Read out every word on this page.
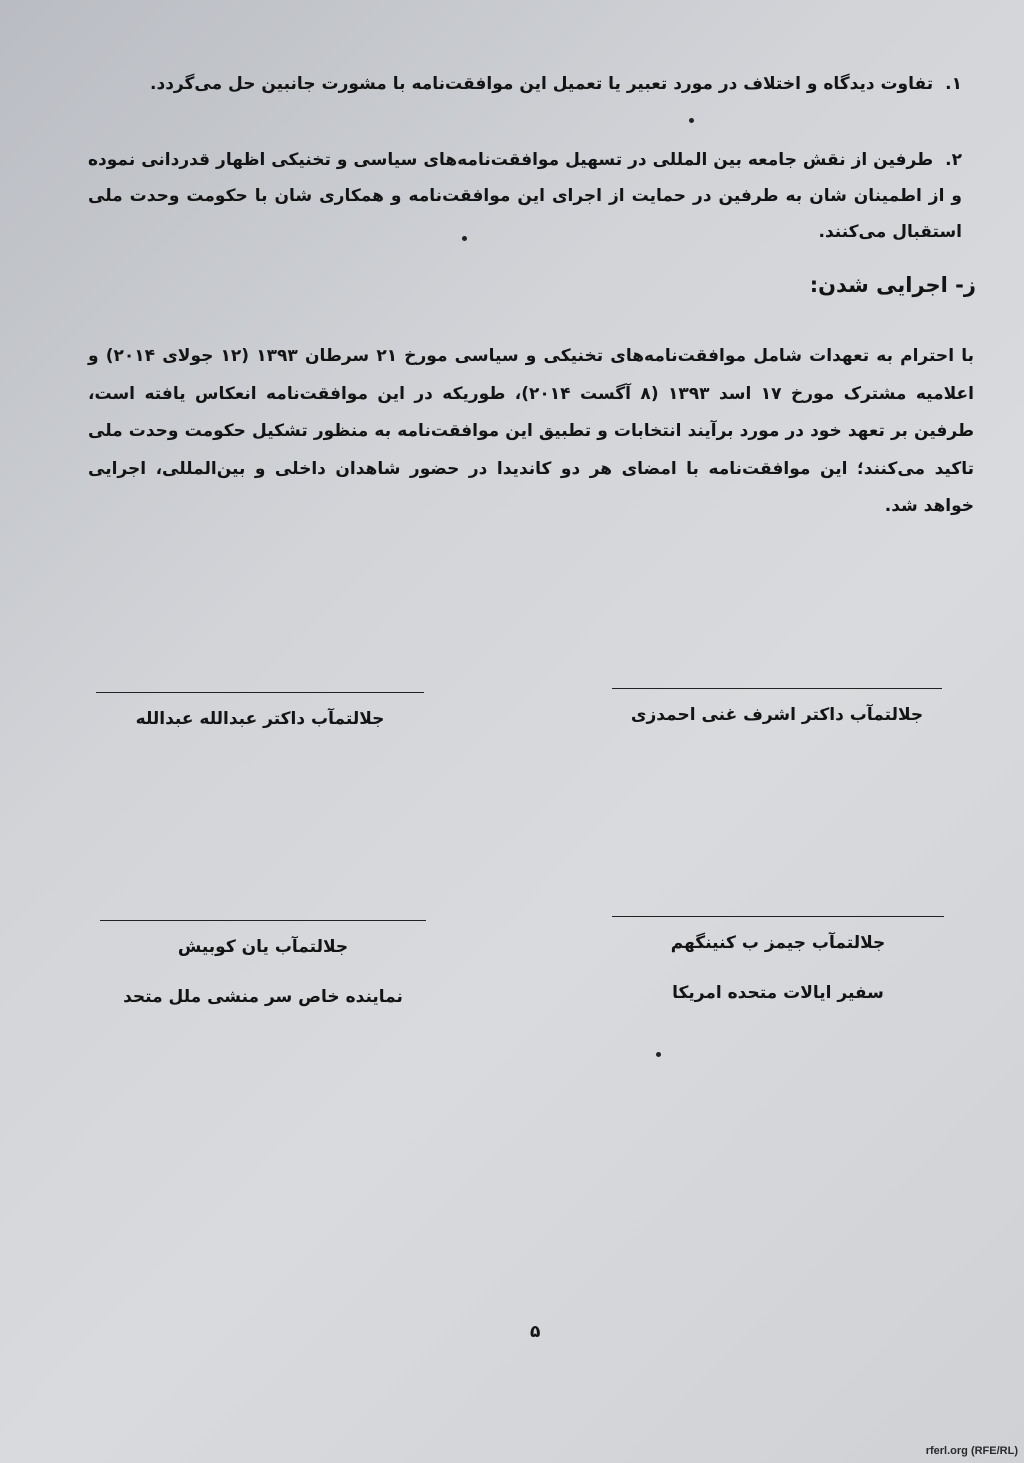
۱.تفاوت دیدگاه و اختلاف در مورد تعبیر یا تعمیل این موافقت‌نامه با مشورت جانبین حل می‌گردد.
۲.طرفین از نقش جامعه بین المللی در تسهیل موافقت‌نامه‌های سیاسی و تخنیکی اظهار قدردانی نموده و از اطمینان شان به طرفین در حمایت از اجرای این موافقت‌نامه و همکاری شان با حکومت وحدت ملی استقبال می‌کنند.
ز- اجرایی شدن:
با احترام به تعهدات شامل موافقت‌نامه‌های تخنیکی و سیاسی مورخ ۲۱ سرطان ۱۳۹۳ (۱۲ جولای ۲۰۱۴) و اعلامیه مشترک مورخ ۱۷ اسد ۱۳۹۳ (۸ آگست ۲۰۱۴)، طوریکه در این موافقت‌نامه انعکاس یافته است، طرفین بر تعهد خود در مورد برآیند انتخابات و تطبیق این موافقت‌نامه به منظور تشکیل حکومت وحدت ملی تاکید می‌کنند؛ این موافقت‌نامه با امضای هر دو کاندیدا در حضور شاهدان داخلی و بین‌المللی، اجرایی خواهد شد.
جلالتمآب داکتر اشرف غنی احمدزی
جلالتمآب داکتر عبدالله عبدالله
جلالتمآب جیمز ب کنینگهم
سفیر ایالات متحده امریکا
جلالتمآب یان کوبیش
نماینده خاص سر منشی ملل متحد
۵
rferl.org (RFE/RL)
